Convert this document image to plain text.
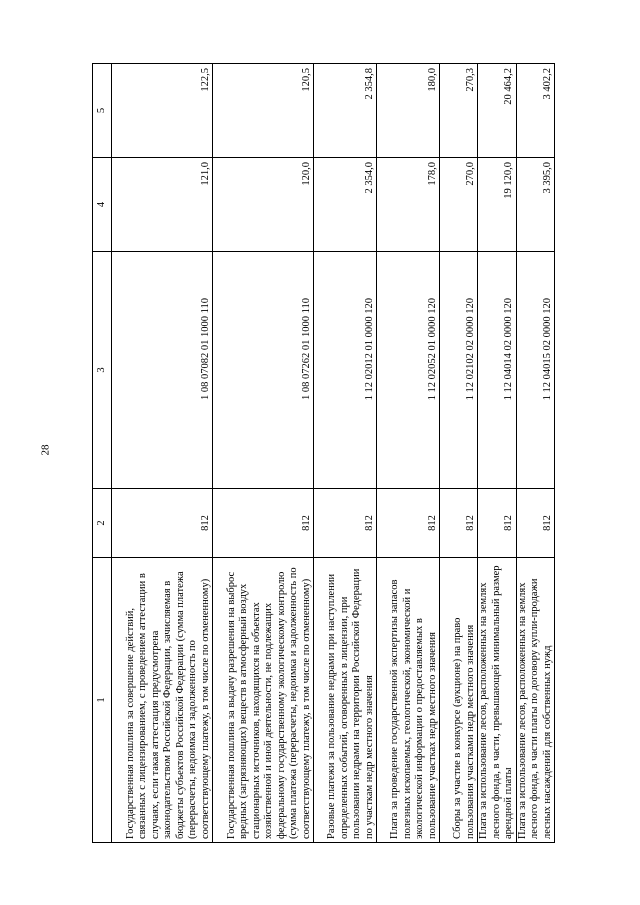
28
1	2	3	4	5
Государственная пошлина за совершение действий, связанных с лицензированием, с проведением аттестации в случаях, если такая аттестация предусмотрена законодательством Российской Федерации, зачисляемая в бюджеты субъектов Российской Федерации (сумма платежа (перерасчеты, недоимка и задолженность по соответствующему платежу, в том числе по отмененному)	812	1 08 07082 01 1000 110	121,0	122,5
Государственная пошлина за выдачу разрешения на выброс вредных (загрязняющих) веществ в атмосферный воздух стационарных источников, находящихся на объектах хозяйственной и иной деятельности, не подлежащих федеральному государственному экологическому контролю (сумма платежа (перерасчеты, недоимка и задолженность по соответствующему платежу, в том числе по отмененному)	812	1 08 07262 01 1000 110	120,0	120,5
Разовые платежи за пользование недрами при наступлении определенных событий, оговоренных в лицензии, при пользовании недрами на территории Российской Федерации по участкам недр местного значения	812	1 12 02012 01 0000 120	2 354,0	2 354,8
Плата за проведение государственной экспертизы запасов полезных ископаемых, геологической, экономической и экологической информации о предоставляемых в пользование участках недр местного значения	812	1 12 02052 01 0000 120	178,0	180,0
Сборы за участие в конкурсе (аукционе) на право пользования участками недр местного значения	812	1 12 02102 02 0000 120	270,0	270,3
Плата за использование лесов, расположенных на землях лесного фонда, в части, превышающей минимальный размер арендной платы	812	1 12 04014 02 0000 120	19 120,0	20 464,2
Плата за использование лесов, расположенных на землях лесного фонда, в части платы по договору купли-продажи лесных насаждений для собственных нужд	812	1 12 04015 02 0000 120	3 395,0	3 402,2
